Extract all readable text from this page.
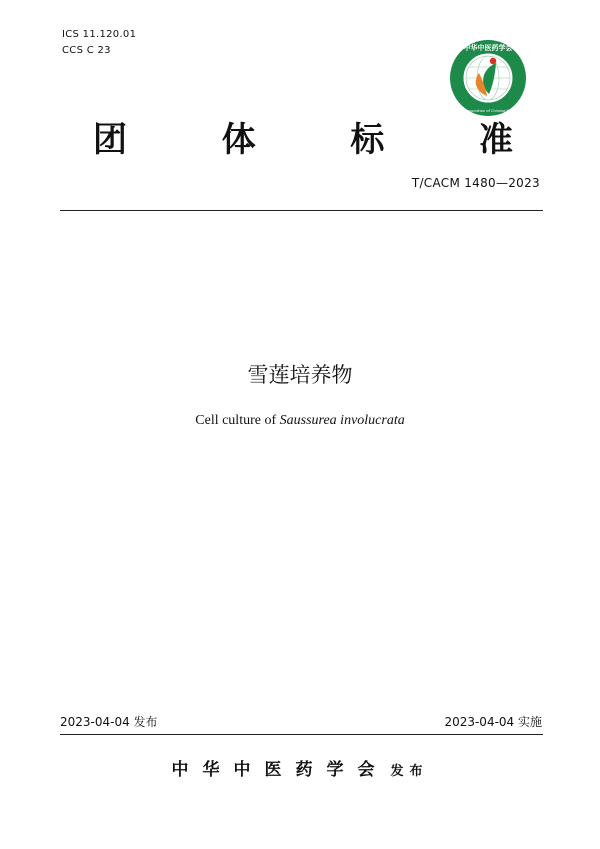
ICS 11.120.01
CCS C 23	中华中医药学会
China Association of Chinese Medicine
团	体	标	准
T/CACM 1480—2023
雪莲培养物
Cell culture of Saussurea involucrata
2023-04-04 发布	2023-04-04 实施
中华中医药学会 发布
